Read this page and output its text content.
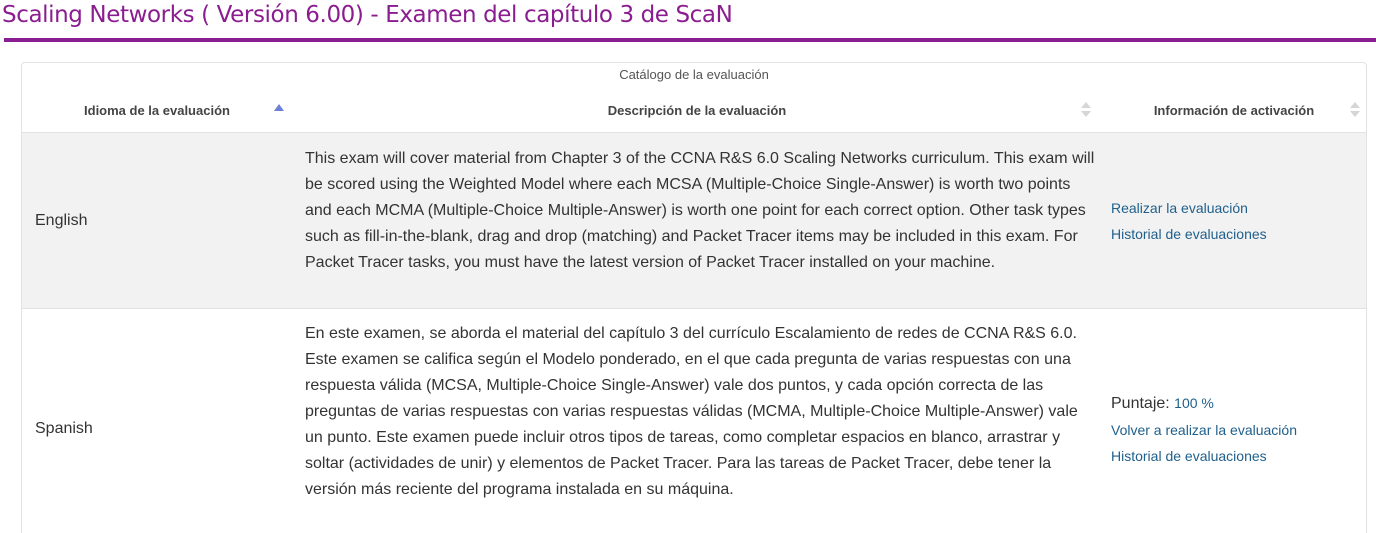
Scaling Networks ( Versión 6.00) - Examen del capítulo 3 de ScaN
Catálogo de la evaluación
Idioma de la evaluación	Descripción de la evaluación	Información de activación
English
This exam will cover material from Chapter 3 of the CCNA R&S 6.0 Scaling Networks curriculum. This exam will be scored using the Weighted Model where each MCSA (Multiple-Choice Single-Answer) is worth two points and each MCMA (Multiple-Choice Multiple-Answer) is worth one point for each correct option. Other task types such as fill-in-the-blank, drag and drop (matching) and Packet Tracer items may be included in this exam. For Packet Tracer tasks, you must have the latest version of Packet Tracer installed on your machine.
Realizar la evaluación
Historial de evaluaciones
Spanish
En este examen, se aborda el material del capítulo 3 del currículo Escalamiento de redes de CCNA R&S 6.0. Este examen se califica según el Modelo ponderado, en el que cada pregunta de varias respuestas con una respuesta válida (MCSA, Multiple-Choice Single-Answer) vale dos puntos, y cada opción correcta de las preguntas de varias respuestas con varias respuestas válidas (MCMA, Multiple-Choice Multiple-Answer) vale un punto. Este examen puede incluir otros tipos de tareas, como completar espacios en blanco, arrastrar y soltar (actividades de unir) y elementos de Packet Tracer. Para las tareas de Packet Tracer, debe tener la versión más reciente del programa instalada en su máquina.
Puntaje: 100 %
Volver a realizar la evaluación
Historial de evaluaciones
